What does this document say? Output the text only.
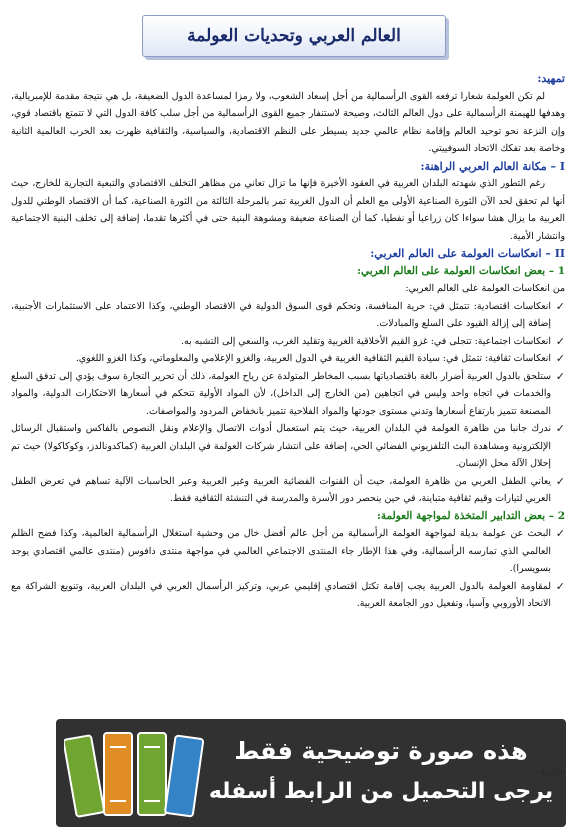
العالم العربي وتحديات العولمة

تمهيد:

لم تكن العولمة شعارا ترفعه القوى الرأسمالية من أجل إسعاد الشعوب، ولا رمزا لمساعدة الدول الضعيفة، بل هي نتيجة مقدمة للإمبريالية، وهدفها للهيمنة الرأسمالية على دول العالم الثالث، وصيحة لاستنفار جميع القوى الرأسمالية من أجل سلب كافة الدول التي لا تتمتع باقتصاد قوي، وإن النزعة نحو توحيد العالم وإقامة نظام عالمي جديد يسيطر على النظم الاقتصادية، والسياسية، والثقافية ظهرت بعد الحرب العالمية الثانية وخاصة بعد تفكك الاتحاد السوفييتي.

I – مكانة العالم العربي الراهنة:

رغم التطور الذي شهدته البلدان العربية في العقود الأخيرة فإنها ما تزال تعاني من مظاهر التخلف الاقتصادي والتبعية التجارية للخارج، حيث أنها لم تحقق لحد الآن الثورة الصناعية الأولى مع العلم أن الدول الغربية تمر بالمرحلة الثالثة من الثورة الصناعية، كما أن الاقتصاد الوطني للدول العربية ما يزال هشا سواءا كان زراعيا أو نفطيا، كما أن الصناعة ضعيفة ومشوهة البنية حتى في أكثرها تقدما، إضافة إلى تخلف البنية الاجتماعية وانتشار الأمية.

II – انعكاسات العولمة على العالم العربي:

1 – بعض انعكاسات العولمة على العالم العربي:

من انعكاسات العولمة على العالم العربي:

✓
انعكاسات اقتصادية: تتمثل في: حرية المنافسة، وتحكم قوى السوق الدولية في الاقتصاد الوطني، وكذا الاعتماد على الاستثمارات الأجنبية، إضافة إلى إزالة القيود على السلع والمبادلات.
✓
انعكاسات اجتماعية: تتجلى في: غزو القيم الأخلاقية الغربية وتقليد الغرب، والسعي إلى التشبه به.
✓
انعكاسات ثقافية: تتمثل في: سيادة القيم الثقافية الغربية في الدول العربية، والغزو الإعلامي والمعلوماتي، وكذا الغزو اللغوي.
✓
ستلحق بالدول العربية أضرار بالغة باقتصادياتها بسبب المخاطر المتولدة عن رياح العولمة، ذلك أن تحرير التجارة سوف يؤدي إلى تدفق السلع والخدمات في اتجاه واحد وليس في اتجاهين (من الخارج إلى الداخل)، لأن المواد الأولية تتحكم في أسعارها الاحتكارات الدولية، والمواد المصنعة تتميز بارتفاع أسعارها وتدني مستوى جودتها والمواد الفلاحية تتميز بانخفاض المردود والمواصفات.
✓
ندرك جانبا من ظاهرة العولمة في البلدان العربية، حيث يتم استعمال أدوات الاتصال والإعلام ونقل النصوص بالفاكس واستقبال الرسائل الإلكترونية ومشاهدة البث التلفزيوني الفضائي الحي، إضافة على انتشار شركات العولمة في البلدان العربية (كماكدونالدز، وكوكاكولا) حيث تم إحلال الآلة محل الإنسان.
✓
يعاني الطفل العربي من ظاهرة العولمة، حيث أن القنوات الفضائية العربية وغير العربية وعبر الحاسبات الآلية تساهم في تعرض الطفل العربي لتيارات وقيم ثقافية متباينة، في حين ينحصر دور الأسرة والمدرسة في التنشئة الثقافية فقط.

2 – بعض التدابير المتخذة لمواجهة العولمة:

✓
البحث عن عولمة بديلة لمواجهة العولمة الرأسمالية من أجل عالم أفضل خال من وحشية استغلال الرأسمالية العالمية، وكذا فضح الظلم العالمي الذي تمارسه الرأسمالية، وفي هذا الإطار جاء المنتدى الاجتماعي العالمي في مواجهة منتدى دافوس (منتدى عالمي اقتصادي يوجد بسويسرا).
✓
لمقاومة العولمة بالدول العربية يجب إقامة تكتل اقتصادي إقليمي عربي، وتركيز الرأسمال العربي في البلدان العربية، وتنويع الشراكة مع الاتحاد الأوروبي وآسيا، وتفعيل دور الجامعة العربية.
هذه صورة توضيحية فقط
يرجى التحميل من الرابط أسفله
